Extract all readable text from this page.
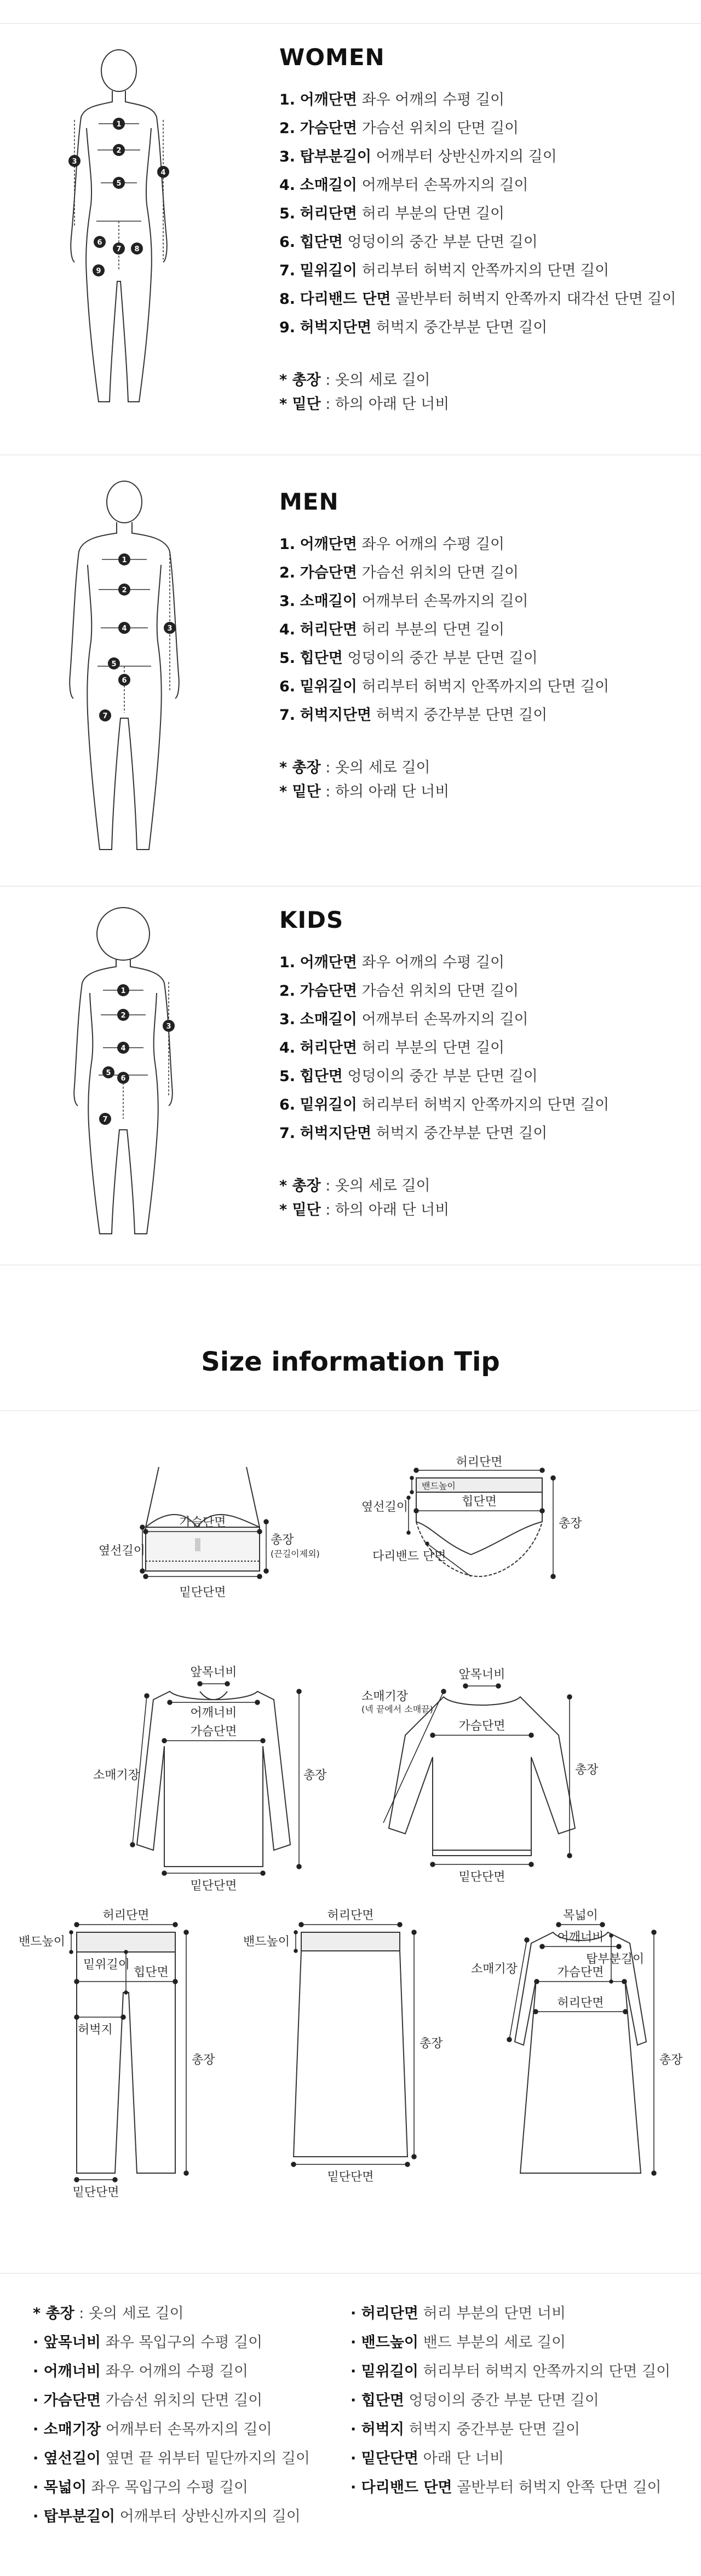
1
2
3
4
5
6
7 8
9
WOMEN
1. 어깨단면 좌우 어깨의 수평 길이
2. 가슴단면 가슴선 위치의 단면 길이
3. 탑부분길이 어깨부터 상반신까지의 길이
4. 소매길이 어깨부터 손목까지의 길이
5. 허리단면 허리 부분의 단면 길이
6. 힙단면 엉덩이의 중간 부분 단면 길이
7. 밑위길이 허리부터 허벅지 안쪽까지의 단면 길이
8. 다리밴드 단면 골반부터 허벅지 안쪽까지 대각선 단면 길이
9. 허벅지단면 허벅지 중간부분 단면 길이
* 총장 : 옷의 세로 길이
* 밑단 : 하의 아래 단 너비
1
2
3
4
5
6
7
MEN
1. 어깨단면 좌우 어깨의 수평 길이
2. 가슴단면 가슴선 위치의 단면 길이
3. 소매길이 어깨부터 손목까지의 길이
4. 허리단면 허리 부분의 단면 길이
5. 힙단면 엉덩이의 중간 부분 단면 길이
6. 밑위길이 허리부터 허벅지 안쪽까지의 단면 길이
7. 허벅지단면 허벅지 중간부분 단면 길이
* 총장 : 옷의 세로 길이
* 밑단 : 하의 아래 단 너비
1
2
3
4
5
6
7
KIDS
1. 어깨단면 좌우 어깨의 수평 길이
2. 가슴단면 가슴선 위치의 단면 길이
3. 소매길이 어깨부터 손목까지의 길이
4. 허리단면 허리 부분의 단면 길이
5. 힙단면 엉덩이의 중간 부분 단면 길이
6. 밑위길이 허리부터 허벅지 안쪽까지의 단면 길이
7. 허벅지단면 허벅지 중간부분 단면 길이
* 총장 : 옷의 세로 길이
* 밑단 : 하의 아래 단 너비
Size information Tip
가슴단면
옆선길이
총장
(끈길이제외)
밑단단면
허리단면
밴드높이
힙단면
옆선길이
다리밴드 단면
총장
앞목너비
어깨너비
가슴단면
소매기장	총장
밑단단면
앞목너비
소매기장
(넥 끝에서 소매끝)
가슴단면
총장
밑단단면
허리단면
밴드높이
밑위길이
힙단면
허벅지
총장
밑단단면
허리단면
밴드높이
총장
밑단단면
목넓이
어깨너비
탑부분길이
소매기장	가슴단면
허리단면
총장
* 총장 : 옷의 세로 길이
· 앞목너비 좌우 목입구의 수평 길이
· 어깨너비 좌우 어깨의 수평 길이
· 가슴단면 가슴선 위치의 단면 길이
· 소매기장 어깨부터 손목까지의 길이
· 옆선길이 옆면 끝 위부터 밑단까지의 길이
· 목넓이 좌우 목입구의 수평 길이
· 탑부분길이 어깨부터 상반신까지의 길이
· 허리단면 허리 부분의 단면 너비
· 밴드높이 밴드 부분의 세로 길이
· 밑위길이 허리부터 허벅지 안쪽까지의 단면 길이
· 힙단면 엉덩이의 중간 부분 단면 길이
· 허벅지 허벅지 중간부분 단면 길이
· 밑단단면 아래 단 너비
· 다리밴드 단면 골반부터 허벅지 안쪽 단면 길이
